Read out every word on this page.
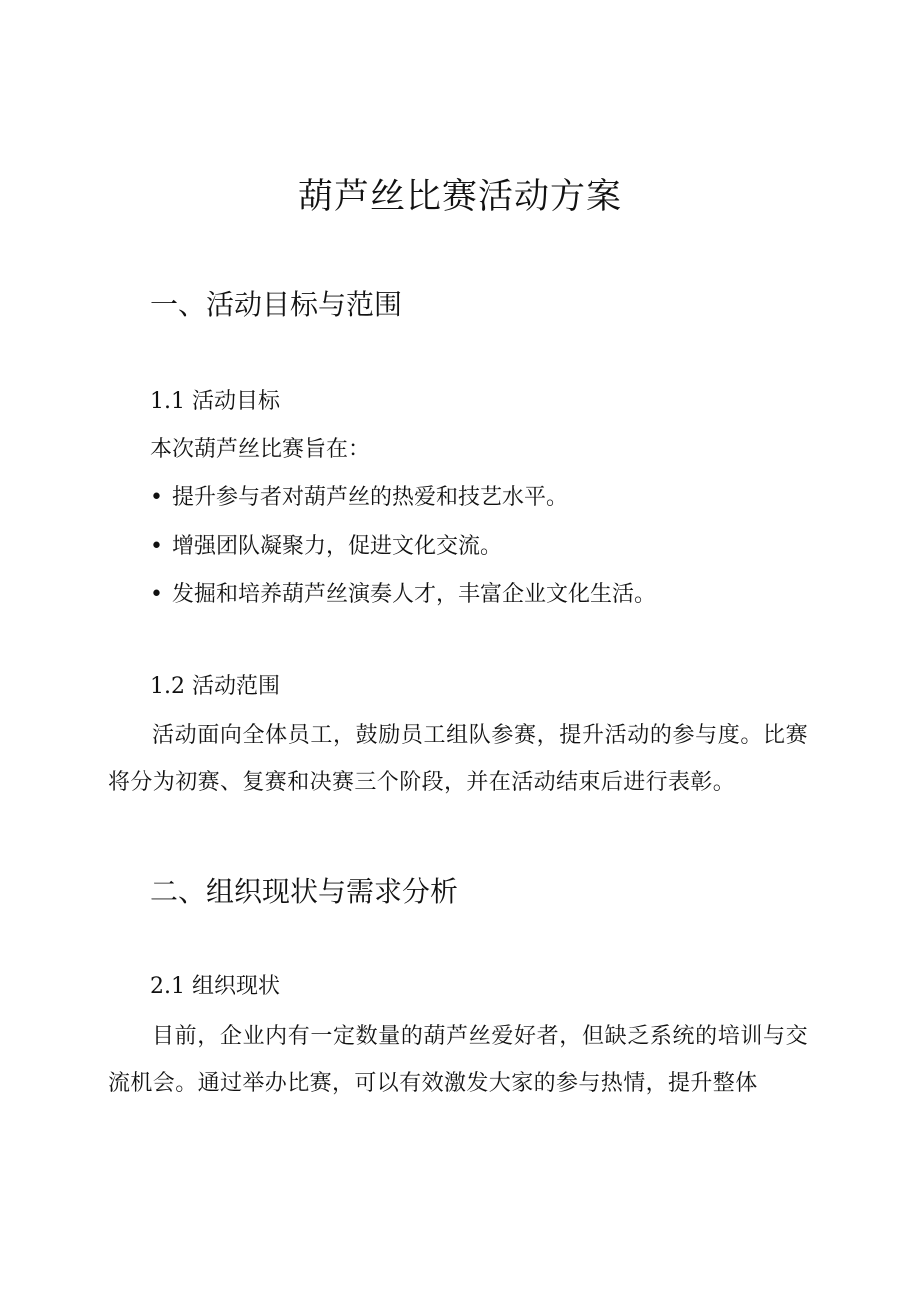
葫芦丝比赛活动方案
一、活动目标与范围
1.1 活动目标

本次葫芦丝比赛旨在：

• 提升参与者对葫芦丝的热爱和技艺水平。

• 增强团队凝聚力，促进文化交流。

• 发掘和培养葫芦丝演奏人才，丰富企业文化生活。

1.2 活动范围

活动面向全体员工，鼓励员工组队参赛，提升活动的参与度。比赛将分为初赛、复赛和决赛三个阶段，并在活动结束后进行表彰。

二、组织现状与需求分析
2.1 组织现状

目前，企业内有一定数量的葫芦丝爱好者，但缺乏系统的培训与交流机会。通过举办比赛，可以有效激发大家的参与热情，提升整体
